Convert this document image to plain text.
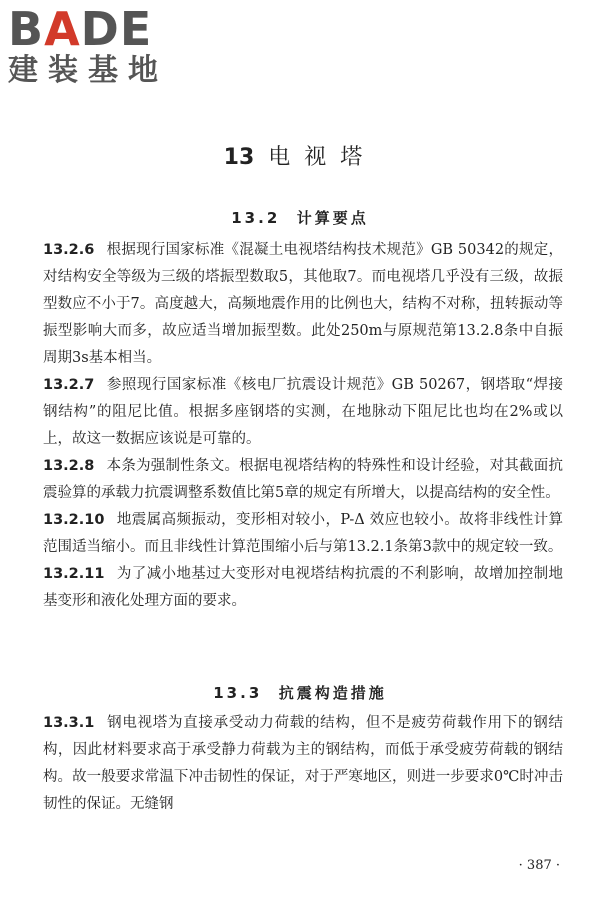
BADE
建装基地
13 电视塔
13.2 计算要点

13.2.6 根据现行国家标准《混凝土电视塔结构技术规范》GB 50342的规定，对结构安全等级为三级的塔振型数取5，其他取7。而电视塔几乎没有三级，故振型数应不小于7。高度越大，高频地震作用的比例也大，结构不对称，扭转振动等振型影响大而多，故应适当增加振型数。此处250m与原规范第13.2.8条中自振周期3s基本相当。

13.2.7 参照现行国家标准《核电厂抗震设计规范》GB 50267，钢塔取“焊接钢结构”的阻尼比值。根据多座钢塔的实测，在地脉动下阻尼比也均在2%或以上，故这一数据应该说是可靠的。

13.2.8 本条为强制性条文。根据电视塔结构的特殊性和设计经验，对其截面抗震验算的承载力抗震调整系数值比第5章的规定有所增大，以提高结构的安全性。

13.2.10 地震属高频振动，变形相对较小，P-Δ 效应也较小。故将非线性计算范围适当缩小。而且非线性计算范围缩小后与第13.2.1条第3款中的规定较一致。

13.2.11 为了减小地基过大变形对电视塔结构抗震的不利影响，故增加控制地基变形和液化处理方面的要求。

13.3 抗震构造措施

13.3.1 钢电视塔为直接承受动力荷载的结构，但不是疲劳荷载作用下的钢结构，因此材料要求高于承受静力荷载为主的钢结构，而低于承受疲劳荷载的钢结构。故一般要求常温下冲击韧性的保证，对于严寒地区，则进一步要求0℃时冲击韧性的保证。无缝钢

· 387 ·
